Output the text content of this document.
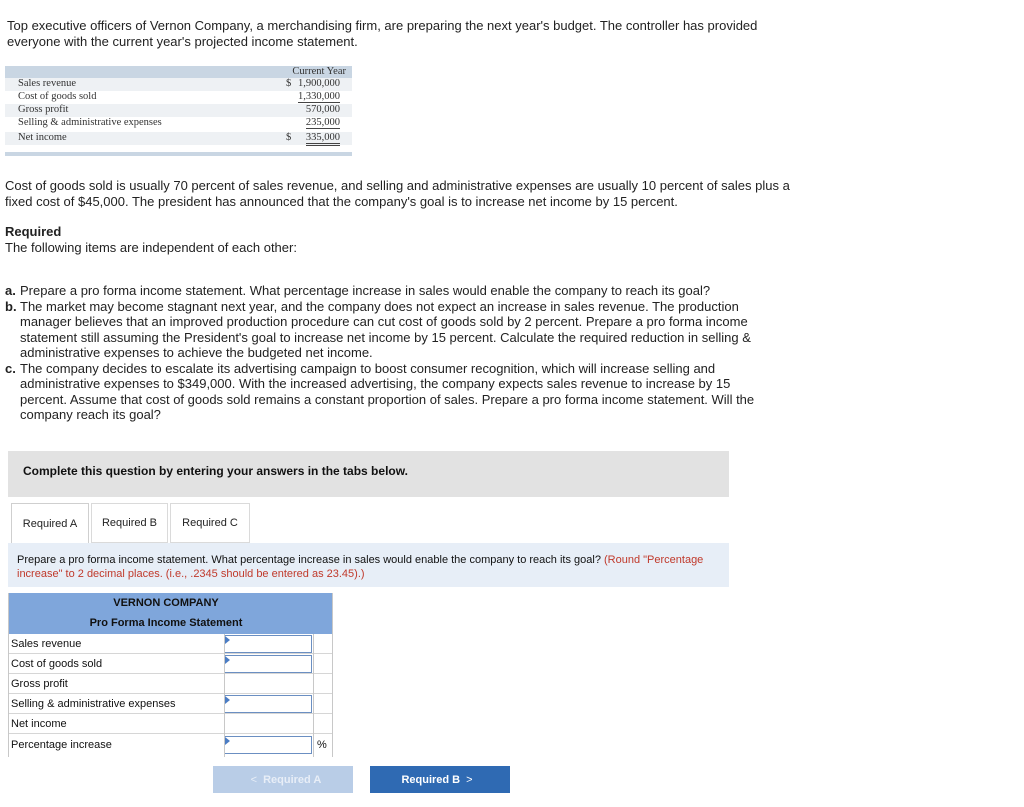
Top executive officers of Vernon Company, a merchandising firm, are preparing the next year's budget. The controller has provided everyone with the current year's projected income statement.

Current Year
Sales revenue	$ 1,900,000
Cost of goods sold	1,330,000
Gross profit	570,000
Selling & administrative expenses	235,000
Net income	$ 335,000

Cost of goods sold is usually 70 percent of sales revenue, and selling and administrative expenses are usually 10 percent of sales plus a fixed cost of $45,000. The president has announced that the company's goal is to increase net income by 15 percent.

Required
The following items are independent of each other:
a. Prepare a pro forma income statement. What percentage increase in sales would enable the company to reach its goal?
b. The market may become stagnant next year, and the company does not expect an increase in sales revenue. The production manager believes that an improved production procedure can cut cost of goods sold by 2 percent. Prepare a pro forma income statement still assuming the President's goal to increase net income by 15 percent. Calculate the required reduction in selling & administrative expenses to achieve the budgeted net income.
c. The company decides to escalate its advertising campaign to boost consumer recognition, which will increase selling and administrative expenses to $349,000. With the increased advertising, the company expects sales revenue to increase by 15 percent. Assume that cost of goods sold remains a constant proportion of sales. Prepare a pro forma income statement. Will the company reach its goal?
Complete this question by entering your answers in the tabs below.
Required A	Required B	Required C

Prepare a pro forma income statement. What percentage increase in sales would enable the company to reach its goal? (Round "Percentage increase" to 2 decimal places. (i.e., .2345 should be entered as 23.45).)

VERNON COMPANY
Pro Forma Income Statement
Sales revenue
Cost of goods sold
Gross profit
Selling & administrative expenses
Net income
Percentage increase	%
< Required A	Required B >
